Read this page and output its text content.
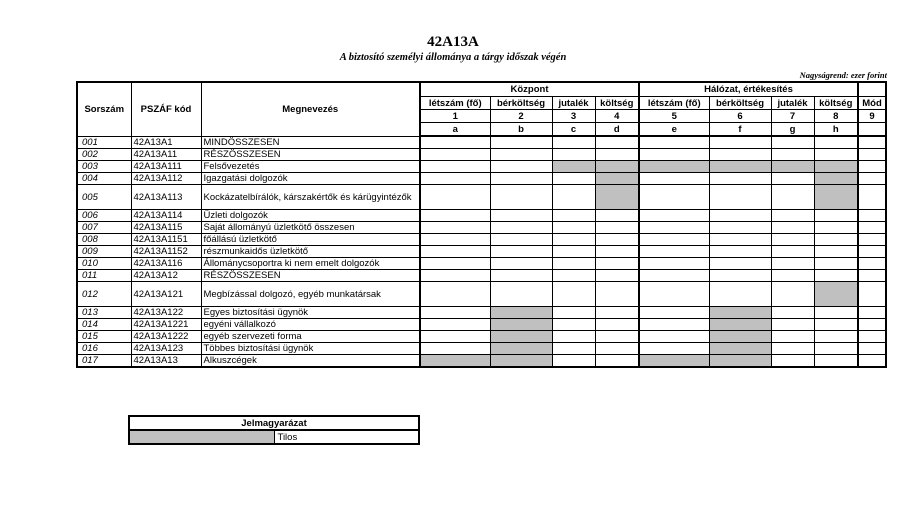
42A13A
A biztosító személyi állománya a tárgy időszak végén
Nagyságrend: ezer forint
Sorszám	PSZÁF kód	Megnevezés	Központ				Hálózat, értékesítés				
			létszám (fő)	bérköltség	jutalék	költség	létszám (fő)	bérköltség	jutalék	költség	Mód
			1	2	3	4	5	6	7	8	9
			a	b	c	d	e	f	g	h	
001	42A13A1	MINDÖSSZESEN									
002	42A13A11	RÉSZÖSSZESEN									
003	42A13A111	Felsővezetés									
004	42A13A112	Igazgatási dolgozók									
005	42A13A113	Kockázatelbírálók, kárszakértők és kárügyintézők									
006	42A13A114	Üzleti dolgozók									
007	42A13A115	Saját állományú üzletkötő összesen									
008	42A13A1151	főállású üzletkötő									
009	42A13A1152	részmunkaidős üzletkötő									
010	42A13A116	Állománycsoportra ki nem emelt dolgozók									
011	42A13A12	RÉSZÖSSZESEN									
012	42A13A121	Megbízással dolgozó, egyéb munkatársak									
013	42A13A122	Egyes biztosítási ügynök									
014	42A13A1221	egyéni vállalkozó									
015	42A13A1222	egyéb szervezeti forma									
016	42A13A123	Többes biztosítási ügynök									
017	42A13A13	Alkuszcégek									
Jelmagyarázat
	Tilos
